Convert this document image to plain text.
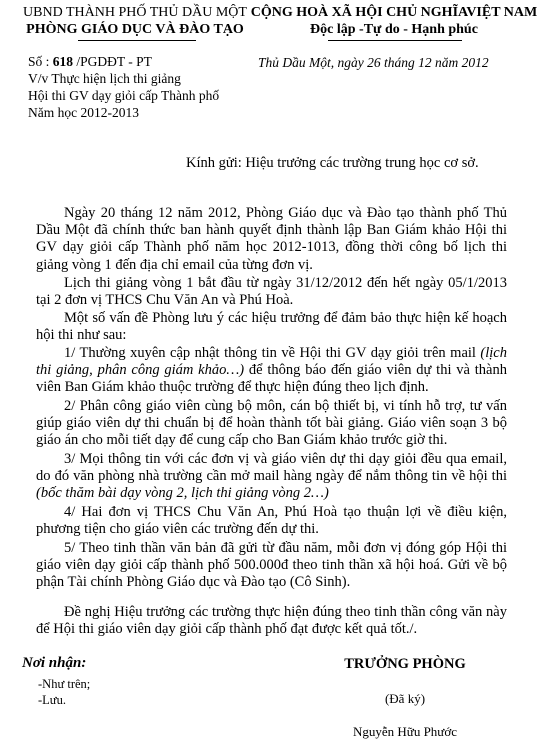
UBND THÀNH PHỐ THỦ DẦU MỘT
PHÒNG GIÁO DỤC VÀ ĐÀO TẠO
Số : 618 /PGDĐT - PT
V/v Thực hiện lịch thi giảng
Hội thi GV dạy giỏi cấp Thành phố
Năm học 2012-2013
CỘNG HOÀ XÃ HỘI CHỦ NGHĨAVIỆT NAM
Độc lập -Tự do - Hạnh phúc
Thủ Dầu Một, ngày 26 tháng 12 năm 2012
Kính gửi: Hiệu trưởng các trường trung học cơ sở.
Ngày 20 tháng 12 năm 2012, Phòng Giáo dục và Đào tạo thành phố Thủ Dầu Một đã chính thức ban hành quyết định thành lập Ban Giám khảo Hội thi GV dạy giỏi cấp Thành phố năm học 2012-1013, đồng thời công bố lịch thi giảng vòng 1 đến địa chỉ email của từng đơn vị.
Lịch thi giảng vòng 1 bắt đầu từ ngày 31/12/2012 đến hết ngày 05/1/2013 tại 2 đơn vị THCS Chu Văn An và Phú Hoà.
Một số vấn đề Phòng lưu ý các hiệu trưởng để đảm bảo thực hiện kế hoạch hội thi như sau:
1/ Thường xuyên cập nhật thông tin về Hội thi GV dạy giỏi trên mail (lịch thi giảng, phân công giám khảo…) để thông báo đến giáo viên dự thi và thành viên Ban Giám khảo thuộc trường để thực hiện đúng theo lịch định.
2/ Phân công giáo viên cùng bộ môn, cán bộ thiết bị, vi tính hỗ trợ, tư vấn giúp giáo viên dự thi chuẩn bị để hoàn thành tốt bài giảng. Giáo viên soạn 3 bộ giáo án cho mỗi tiết dạy để cung cấp cho Ban Giám khảo trước giờ thi.
3/ Mọi thông tin với các đơn vị và giáo viên dự thi dạy giỏi đều qua email, do đó văn phòng nhà trường cần mở mail hàng ngày để nắm thông tin về hội thi (bốc thăm bài dạy vòng 2, lịch thi giảng vòng 2…)
4/ Hai đơn vị THCS Chu Văn An, Phú Hoà tạo thuận lợi về điều kiện, phương tiện cho giáo viên các trường đến dự thi.
5/ Theo tinh thần văn bản đã gửi từ đầu năm, mỗi đơn vị đóng góp Hội thi giáo viên dạy giỏi cấp thành phố 500.000đ theo tinh thần xã hội hoá. Gửi về bộ phận Tài chính Phòng Giáo dục và Đào tạo (Cô Sinh).
Đề nghị Hiệu trưởng các trường thực hiện đúng theo tinh thần công văn này để Hội thi giáo viên dạy giỏi cấp thành phố đạt được kết quả tốt./.
Nơi nhận:
-Như trên;
-Lưu.
TRƯỞNG PHÒNG
(Đã ký)
Nguyễn Hữu Phước
